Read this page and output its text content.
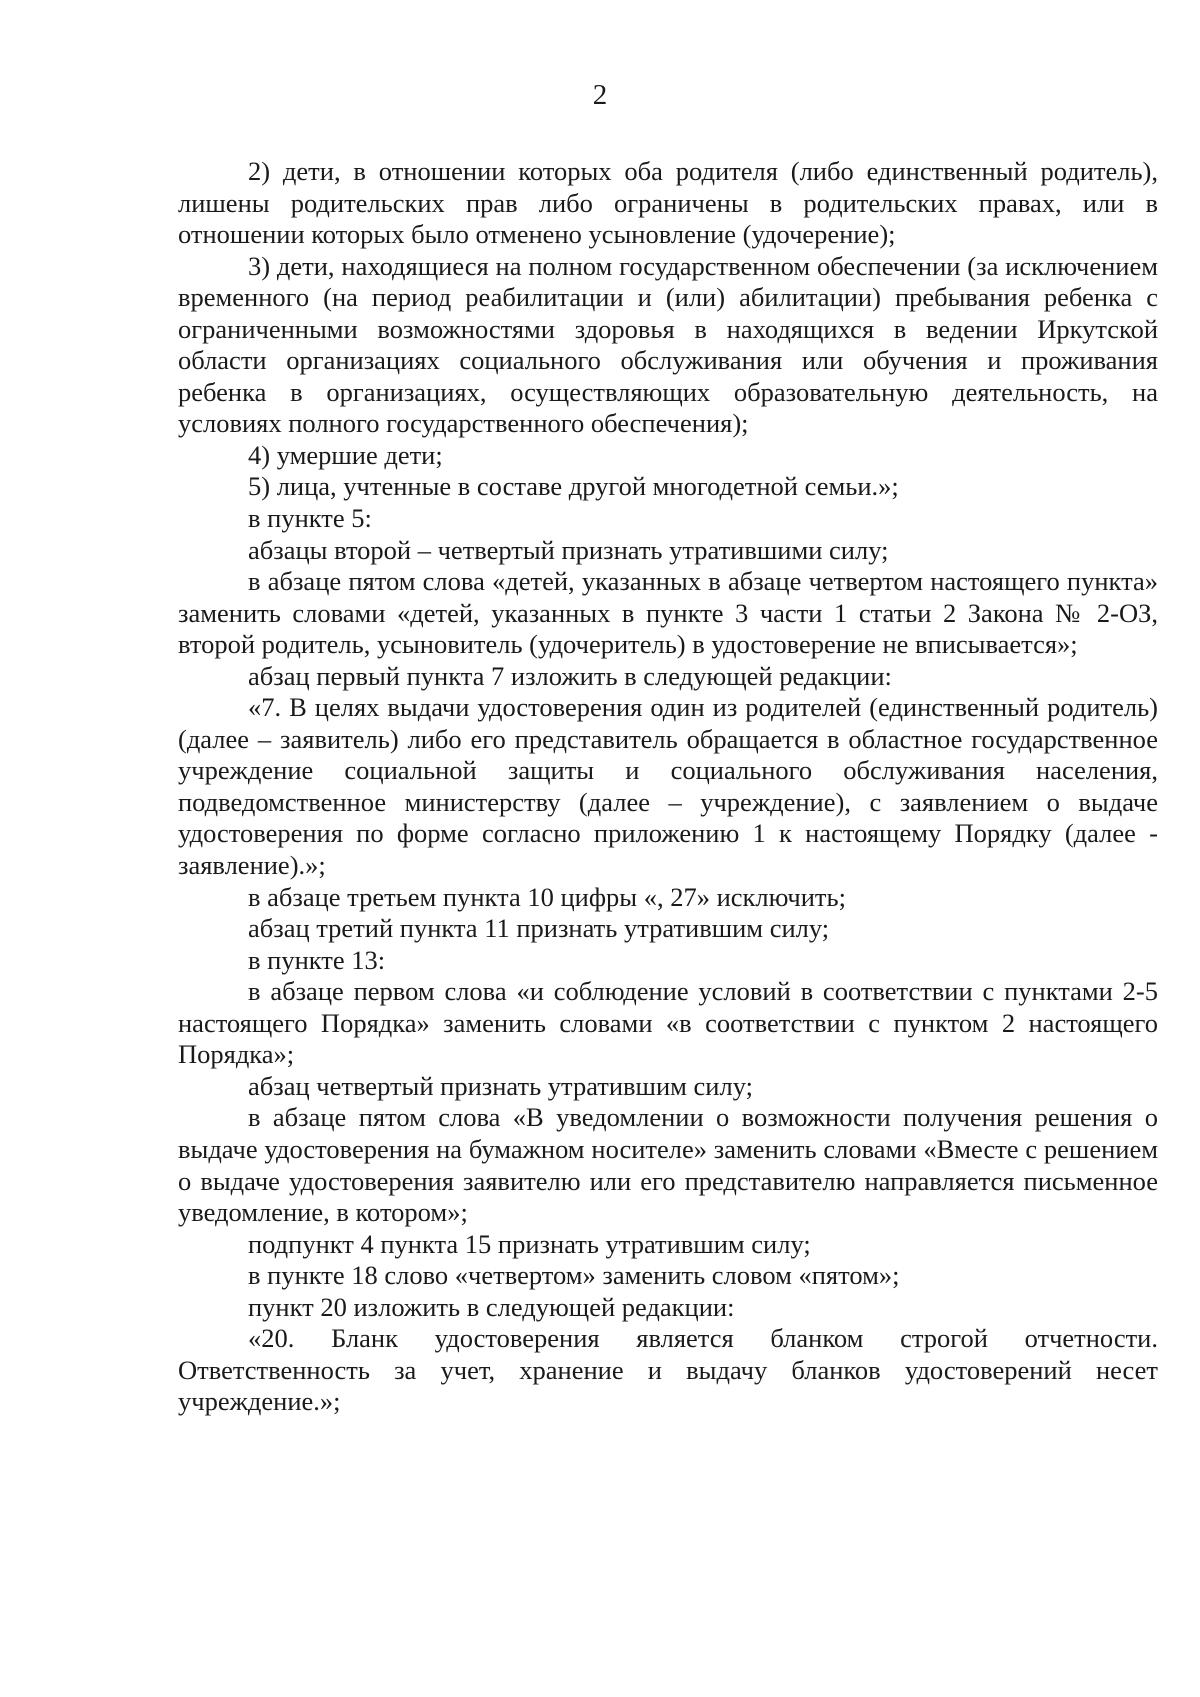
2

2) дети, в отношении которых оба родителя (либо единственный родитель), лишены родительских прав либо ограничены в родительских правах, или в отношении которых было отменено усыновление (удочерение);

3) дети, находящиеся на полном государственном обеспечении (за исключением временного (на период реабилитации и (или) абилитации) пребывания ребенка с ограниченными возможностями здоровья в находящихся в ведении Иркутской области организациях социального обслуживания или обучения и проживания ребенка в организациях, осуществляющих образовательную деятельность, на условиях полного государственного обеспечения);

4) умершие дети;

5) лица, учтенные в составе другой многодетной семьи.»;

в пункте 5:

абзацы второй – четвертый признать утратившими силу;

в абзаце пятом слова «детей, указанных в абзаце четвертом настоящего пункта» заменить словами «детей, указанных в пункте 3 части 1 статьи 2 Закона № 2-ОЗ, второй родитель, усыновитель (удочеритель) в удостоверение не вписывается»;

абзац первый пункта 7 изложить в следующей редакции:

«7. В целях выдачи удостоверения один из родителей (единственный родитель) (далее – заявитель) либо его представитель обращается в областное государственное учреждение социальной защиты и социального обслуживания населения, подведомственное министерству (далее – учреждение), с заявлением о выдаче удостоверения по форме согласно приложению 1 к настоящему Порядку (далее - заявление).»;

в абзаце третьем пункта 10 цифры «, 27» исключить;

абзац третий пункта 11 признать утратившим силу;

в пункте 13:

в абзаце первом слова «и соблюдение условий в соответствии с пунктами 2-5 настоящего Порядка» заменить словами «в соответствии с пунктом 2 настоящего Порядка»;

абзац четвертый признать утратившим силу;

в абзаце пятом слова «В уведомлении о возможности получения решения о выдаче удостоверения на бумажном носителе» заменить словами «Вместе с решением о выдаче удостоверения заявителю или его представителю направляется письменное уведомление, в котором»;

подпункт 4 пункта 15 признать утратившим силу;

в пункте 18 слово «четвертом» заменить словом «пятом»;

пункт 20 изложить в следующей редакции:

«20. Бланк удостоверения является бланком строгой отчетности. Ответственность за учет, хранение и выдачу бланков удостоверений несет учреждение.»;
